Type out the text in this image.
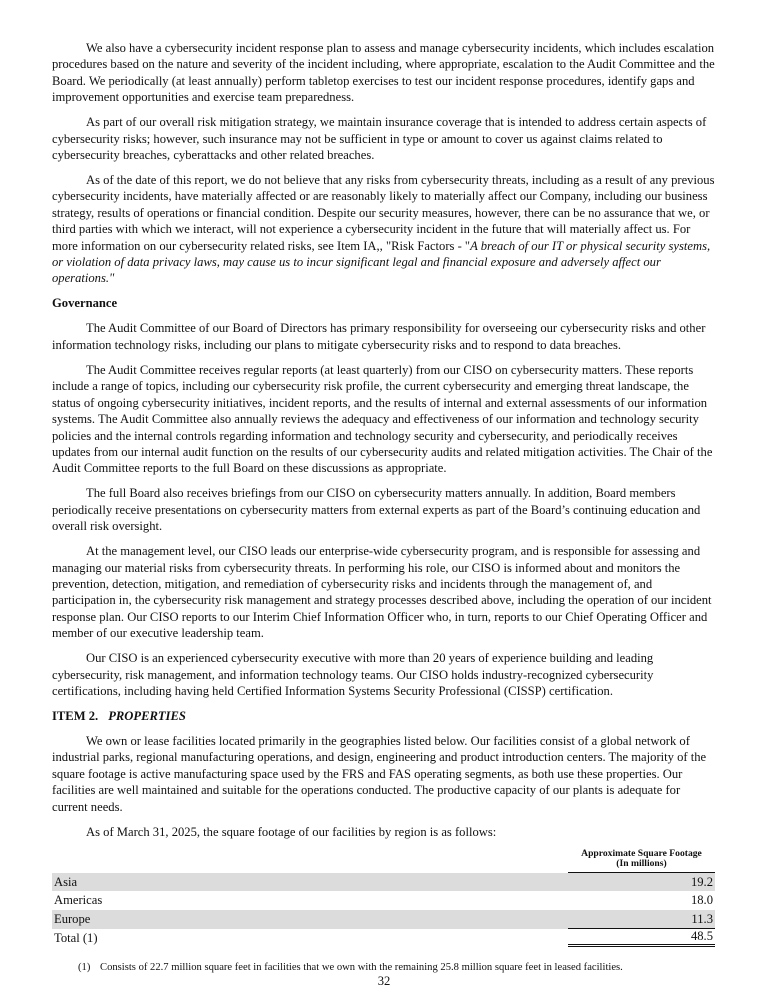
We also have a cybersecurity incident response plan to assess and manage cybersecurity incidents, which includes escalation procedures based on the nature and severity of the incident including, where appropriate, escalation to the Audit Committee and the Board. We periodically (at least annually) perform tabletop exercises to test our incident response procedures, identify gaps and improvement opportunities and exercise team preparedness.

As part of our overall risk mitigation strategy, we maintain insurance coverage that is intended to address certain aspects of cybersecurity risks; however, such insurance may not be sufficient in type or amount to cover us against claims related to cybersecurity breaches, cyberattacks and other related breaches.

As of the date of this report, we do not believe that any risks from cybersecurity threats, including as a result of any previous cybersecurity incidents, have materially affected or are reasonably likely to materially affect our Company, including our business strategy, results of operations or financial condition. Despite our security measures, however, there can be no assurance that we, or third parties with which we interact, will not experience a cybersecurity incident in the future that will materially affect us. For more information on our cybersecurity related risks, see Item IA,, "Risk Factors - "A breach of our IT or physical security systems, or violation of data privacy laws, may cause us to incur significant legal and financial exposure and adversely affect our operations."

Governance

The Audit Committee of our Board of Directors has primary responsibility for overseeing our cybersecurity risks and other information technology risks, including our plans to mitigate cybersecurity risks and to respond to data breaches.

The Audit Committee receives regular reports (at least quarterly) from our CISO on cybersecurity matters. These reports include a range of topics, including our cybersecurity risk profile, the current cybersecurity and emerging threat landscape, the status of ongoing cybersecurity initiatives, incident reports, and the results of internal and external assessments of our information systems. The Audit Committee also annually reviews the adequacy and effectiveness of our information and technology security policies and the internal controls regarding information and technology security and cybersecurity, and periodically receives updates from our internal audit function on the results of our cybersecurity audits and related mitigation activities. The Chair of the Audit Committee reports to the full Board on these discussions as appropriate.

The full Board also receives briefings from our CISO on cybersecurity matters annually. In addition, Board members periodically receive presentations on cybersecurity matters from external experts as part of the Board’s continuing education and overall risk oversight.

At the management level, our CISO leads our enterprise-wide cybersecurity program, and is responsible for assessing and managing our material risks from cybersecurity threats. In performing his role, our CISO is informed about and monitors the prevention, detection, mitigation, and remediation of cybersecurity risks and incidents through the management of, and participation in, the cybersecurity risk management and strategy processes described above, including the operation of our incident response plan. Our CISO reports to our Interim Chief Information Officer who, in turn, reports to our Chief Operating Officer and member of our executive leadership team.

Our CISO is an experienced cybersecurity executive with more than 20 years of experience building and leading cybersecurity, risk management, and information technology teams. Our CISO holds industry-recognized cybersecurity certifications, including having held Certified Information Systems Security Professional (CISSP) certification.

ITEM 2. PROPERTIES

We own or lease facilities located primarily in the geographies listed below. Our facilities consist of a global network of industrial parks, regional manufacturing operations, and design, engineering and product introduction centers. The majority of the square footage is active manufacturing space used by the FRS and FAS operating segments, as both use these properties. Our facilities are well maintained and suitable for the operations conducted. The productive capacity of our plants is adequate for current needs.

As of March 31, 2025, the square footage of our facilities by region is as follows:

Approximate Square Footage
(In millions)
Asia	19.2
Americas	18.0
Europe	11.3
Total (1)	48.5
(1) Consists of 22.7 million square feet in facilities that we own with the remaining 25.8 million square feet in leased facilities.
32
